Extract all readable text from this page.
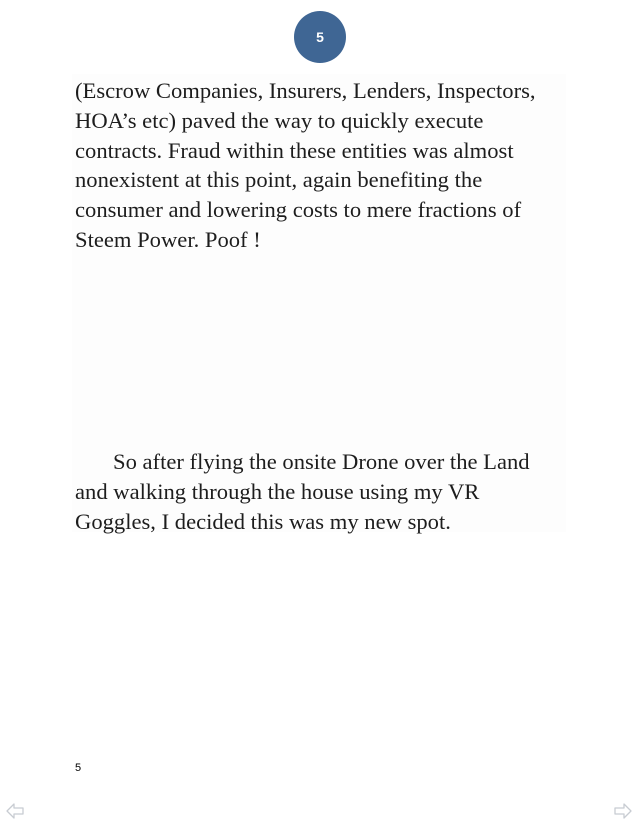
5

(Escrow Companies, Insurers, Lenders, Inspectors,
HOA’s etc) paved the way to quickly execute
contracts. Fraud within these entities was almost
nonexistent at this point, again benefiting the
consumer and lowering costs to mere fractions of
Steem Power. Poof !

So after flying the onsite Drone over the Land
and walking through the house using my VR
Goggles, I decided this was my new spot.

5
